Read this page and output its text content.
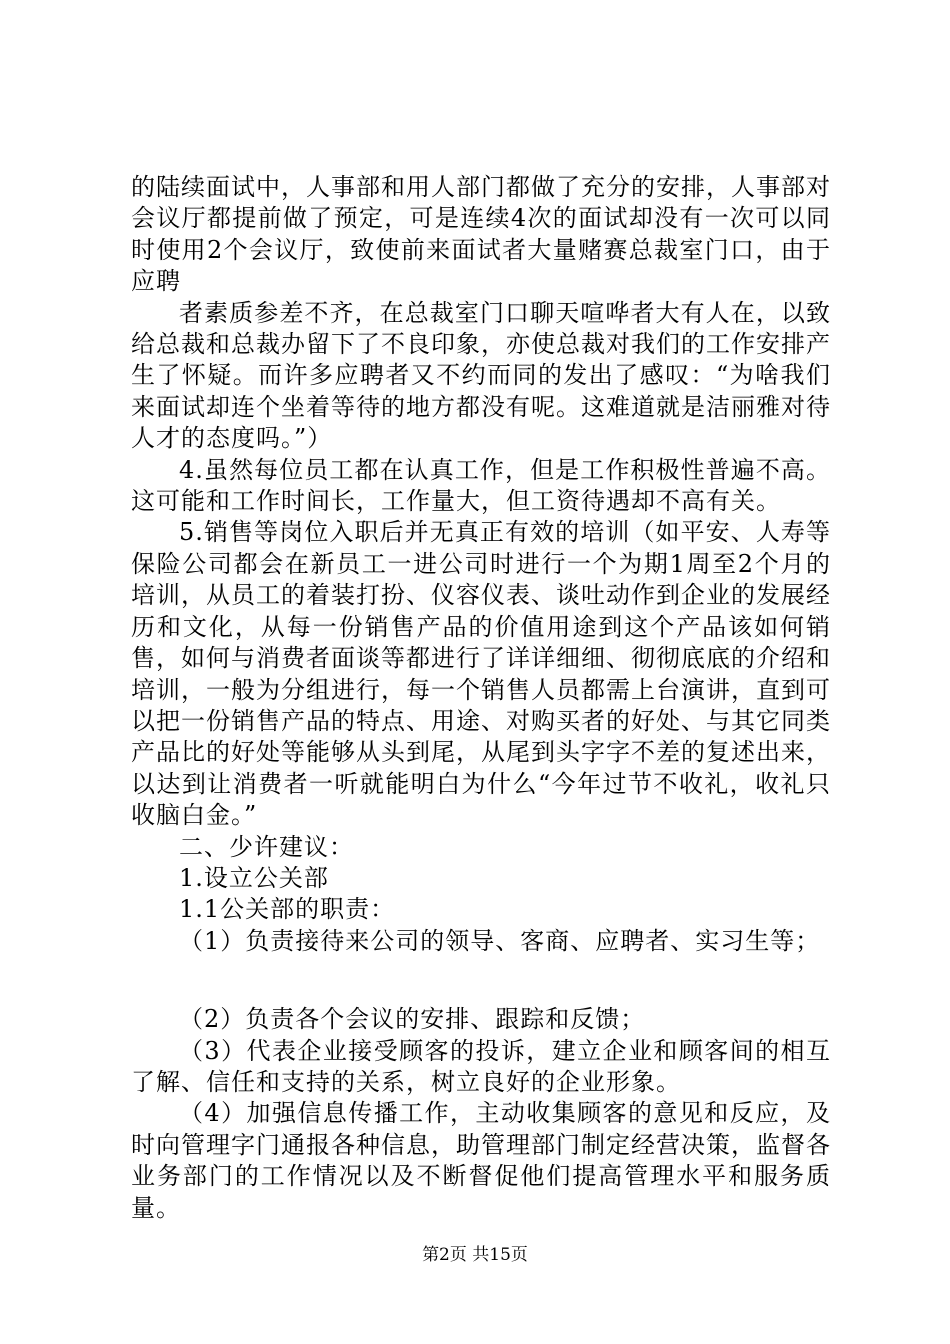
的陆续面试中，人事部和用人部门都做了充分的安排，人事部对会议厅都提前做了预定，可是连续4次的面试却没有一次可以同时使用2个会议厅，致使前来面试者大量赌赛总裁室门口，由于应聘

者素质参差不齐，在总裁室门口聊天喧哗者大有人在，以致给总裁和总裁办留下了不良印象，亦使总裁对我们的工作安排产生了怀疑。而许多应聘者又不约而同的发出了感叹：“为啥我们来面试却连个坐着等待的地方都没有呢。这难道就是洁丽雅对待人才的态度吗。”）

4.虽然每位员工都在认真工作，但是工作积极性普遍不高。这可能和工作时间长，工作量大，但工资待遇却不高有关。

5.销售等岗位入职后并无真正有效的培训（如平安、人寿等保险公司都会在新员工一进公司时进行一个为期1周至2个月的培训，从员工的着装打扮、仪容仪表、谈吐动作到企业的发展经历和文化，从每一份销售产品的价值用途到这个产品该如何销售，如何与消费者面谈等都进行了详详细细、彻彻底底的介绍和培训，一般为分组进行，每一个销售人员都需上台演讲，直到可以把一份销售产品的特点、用途、对购买者的好处、与其它同类产品比的好处等能够从头到尾，从尾到头字字不差的复述出来，以达到让消费者一听就能明白为什么“今年过节不收礼，收礼只收脑白金。”

二、少许建议：

1.设立公关部

1.1公关部的职责：

（1）负责接待来公司的领导、客商、应聘者、实习生等；

（2）负责各个会议的安排、跟踪和反馈；

（3）代表企业接受顾客的投诉，建立企业和顾客间的相互了解、信任和支持的关系，树立良好的企业形象。

（4）加强信息传播工作，主动收集顾客的意见和反应，及时向管理字门通报各种信息，助管理部门制定经营决策，监督各业务部门的工作情况以及不断督促他们提高管理水平和服务质量。

第2页 共15页
